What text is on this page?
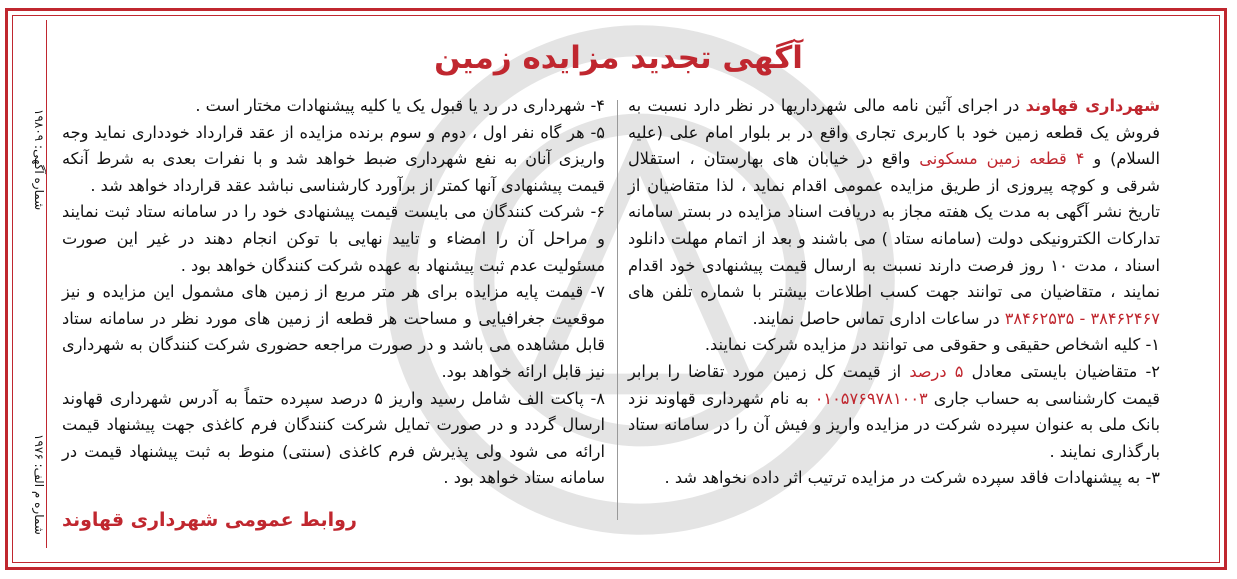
شماره آگهی: ۱۹۸۰۹
شماره م الف: ۱۹۷۶
آگهی تجدید مزایده زمین

شهرداری قهاوند در اجرای آئین نامه مالی شهرداریها در نظر دارد نسبت به فروش یک قطعه زمین خود با کاربری تجاری واقع در بر بلوار امام علی (علیه السلام) و ۴ قطعه زمین مسکونی واقع در خیابان های بهارستان ، استقلال شرقی و کوچه پیروزی از طریق مزایده عمومی اقدام نماید ، لذا متقاضیان از تاریخ نشر آگهی به مدت یک هفته مجاز به دریافت اسناد مزایده در بستر سامانه تدارکات الکترونیکی دولت (سامانه ستاد ) می باشند و بعد از اتمام مهلت دانلود اسناد ، مدت ۱۰ روز فرصت دارند نسبت به ارسال قیمت پیشنهادی خود اقدام نمایند ، متقاضیان می توانند جهت کسب اطلاعات بیشتر با شماره تلفن های ۳۸۴۶۲۴۶۷ - ۳۸۴۶۲۵۳۵ در ساعات اداری تماس حاصل نمایند.

۱- کلیه اشخاص حقیقی و حقوقی می توانند در مزایده شرکت نمایند.

۲- متقاضیان بایستی معادل ۵ درصد از قیمت کل زمین مورد تقاضا را برابر قیمت کارشناسی به حساب جاری ۰۱۰۵۷۶۹۷۸۱۰۰۳ به نام شهرداری قهاوند نزد بانک ملی به عنوان سپرده شرکت در مزایده واریز و فیش آن را در سامانه ستاد بارگذاری نمایند .

۳- به پیشنهادات فاقد سپرده شرکت در مزایده ترتیب اثر داده نخواهد شد .

۴- شهرداری در رد یا قبول یک یا کلیه پیشنهادات مختار است .

۵- هر گاه نفر اول ، دوم و سوم برنده مزایده از عقد قرارداد خودداری نماید وجه واریزی آنان به نفع شهرداری ضبط خواهد شد و با نفرات بعدی به شرط آنکه قیمت پیشنهادی آنها کمتر از برآورد کارشناسی نباشد عقد قرارداد خواهد شد .

۶- شرکت کنندگان می بایست قیمت پیشنهادی خود را در سامانه ستاد ثبت نمایند و مراحل آن را امضاء و تایید نهایی با توکن انجام دهند در غیر این صورت مسئولیت عدم ثبت پیشنهاد به عهده شرکت کنندگان خواهد بود .

۷- قیمت پایه مزایده برای هر متر مربع از زمین های مشمول این مزایده و نیز موقعیت جغرافیایی و مساحت هر قطعه از زمین های مورد نظر در سامانه ستاد قابل مشاهده می باشد و در صورت مراجعه حضوری شرکت کنندگان به شهرداری نیز قابل ارائه خواهد بود.

۸- پاکت الف شامل رسید واریز ۵ درصد سپرده حتماً به آدرس شهرداری قهاوند ارسال گردد و در صورت تمایل شرکت کنندگان فرم کاغذی جهت پیشنهاد قیمت ارائه می شود ولی پذیرش فرم کاغذی (سنتی) منوط به ثبت پیشنهاد قیمت در سامانه ستاد خواهد بود .

روابط عمومی شهرداری قهاوند
